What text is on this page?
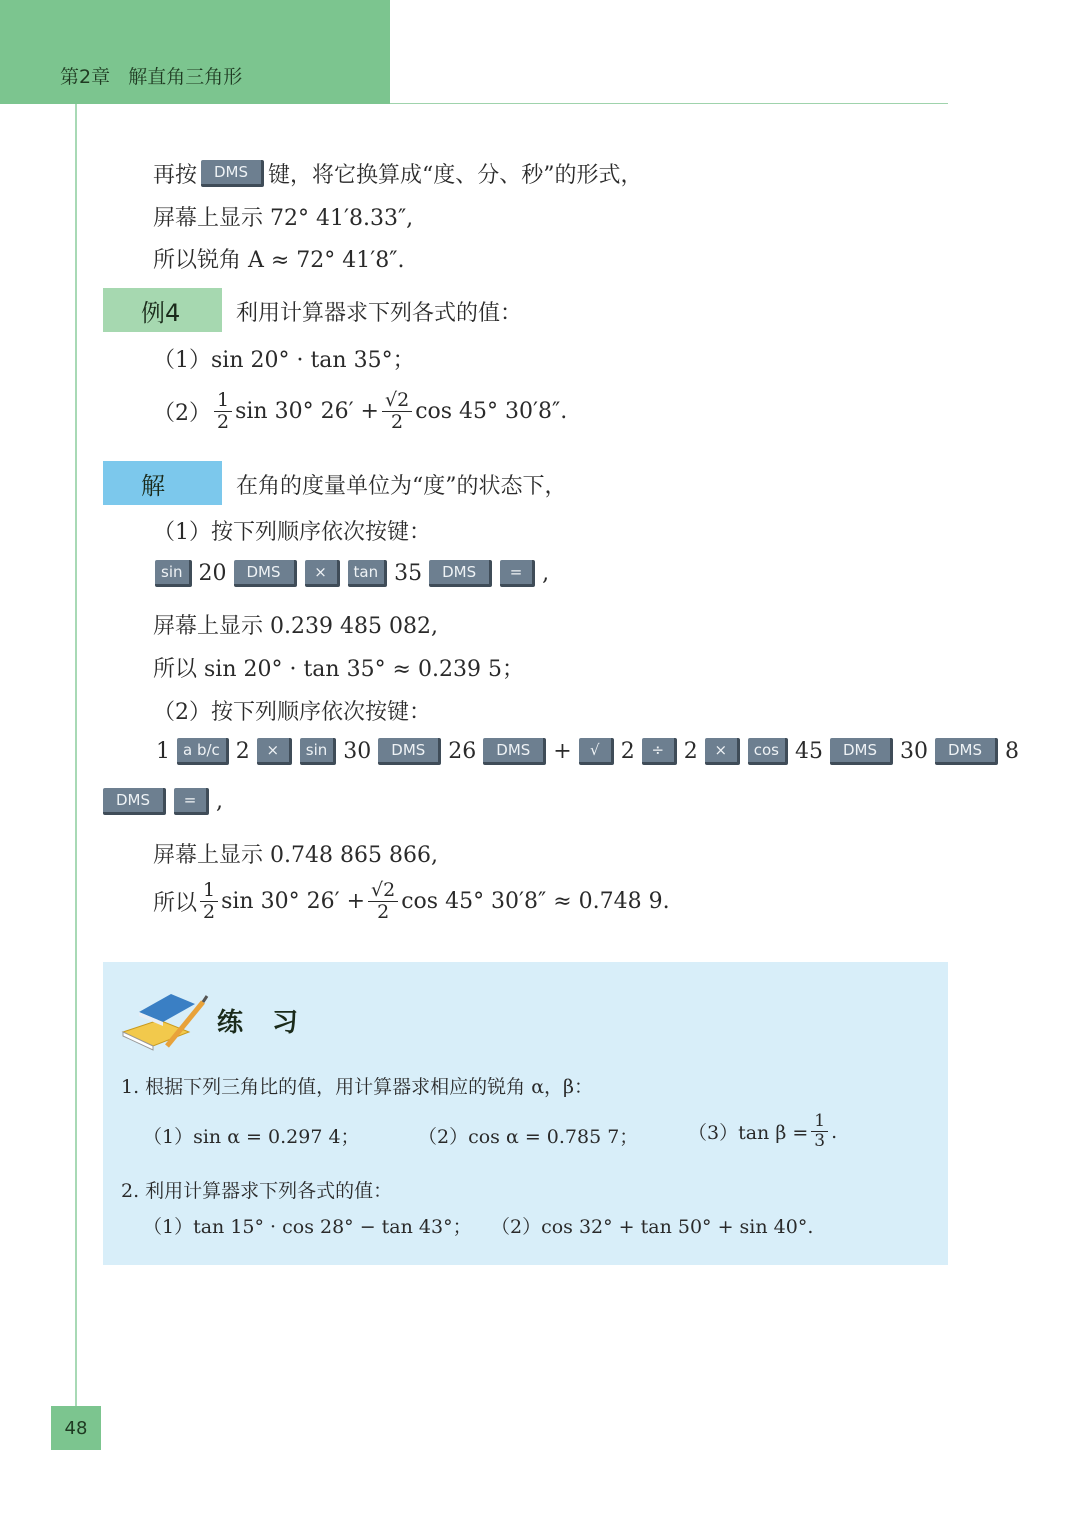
第2章   解直角三角形
再按	DMS 键，将它换算成“度、分、秒”的形式，
屏幕上显示 72° 41′8.33″,
所以锐角 A ≈ 72° 41′8″.
例4	利用计算器求下列各式的值：
（1）sin 20° · tan 35°；
$(2) \frac{1}{2}$ sin 30° $26' + \frac{√2}{2}$ cos 45° 30′8″.
解	在角的度量单位为“度”的状态下，
（1）按下列顺序依次按键：
sin 20	DMS	×	tan 35	DMS	= ,
屏幕上显示 0.239 485 082,
所以 sin 20° · tan 35° ≈ 0.239 5；
（2）按下列顺序依次按键：
1 a b/c 2	×	sin 30	DMS	26	DMS	+	√ 2	÷ 2	×	cos 45	DMS	30	DMS	8
DMS	= ,
屏幕上显示 0.748 865 866,
所以 $\frac{1}{2}$ sin 30° $26' + \frac{√2}{2}$ cos 45° 30′8″ ≈ 0.748 9.
练 习
1. 根据下列三角比的值，用计算器求相应的锐角 α，β：
（1）sin α = 0.297 4；	（2）cos α = 0.785 7；	（3）tan $\beta = \frac{1}{3}$ .
2. 利用计算器求下列各式的值：
（1）tan 15° · cos 28° − tan 43°； （2）cos 32° + tan 50° + sin 40°.
48
